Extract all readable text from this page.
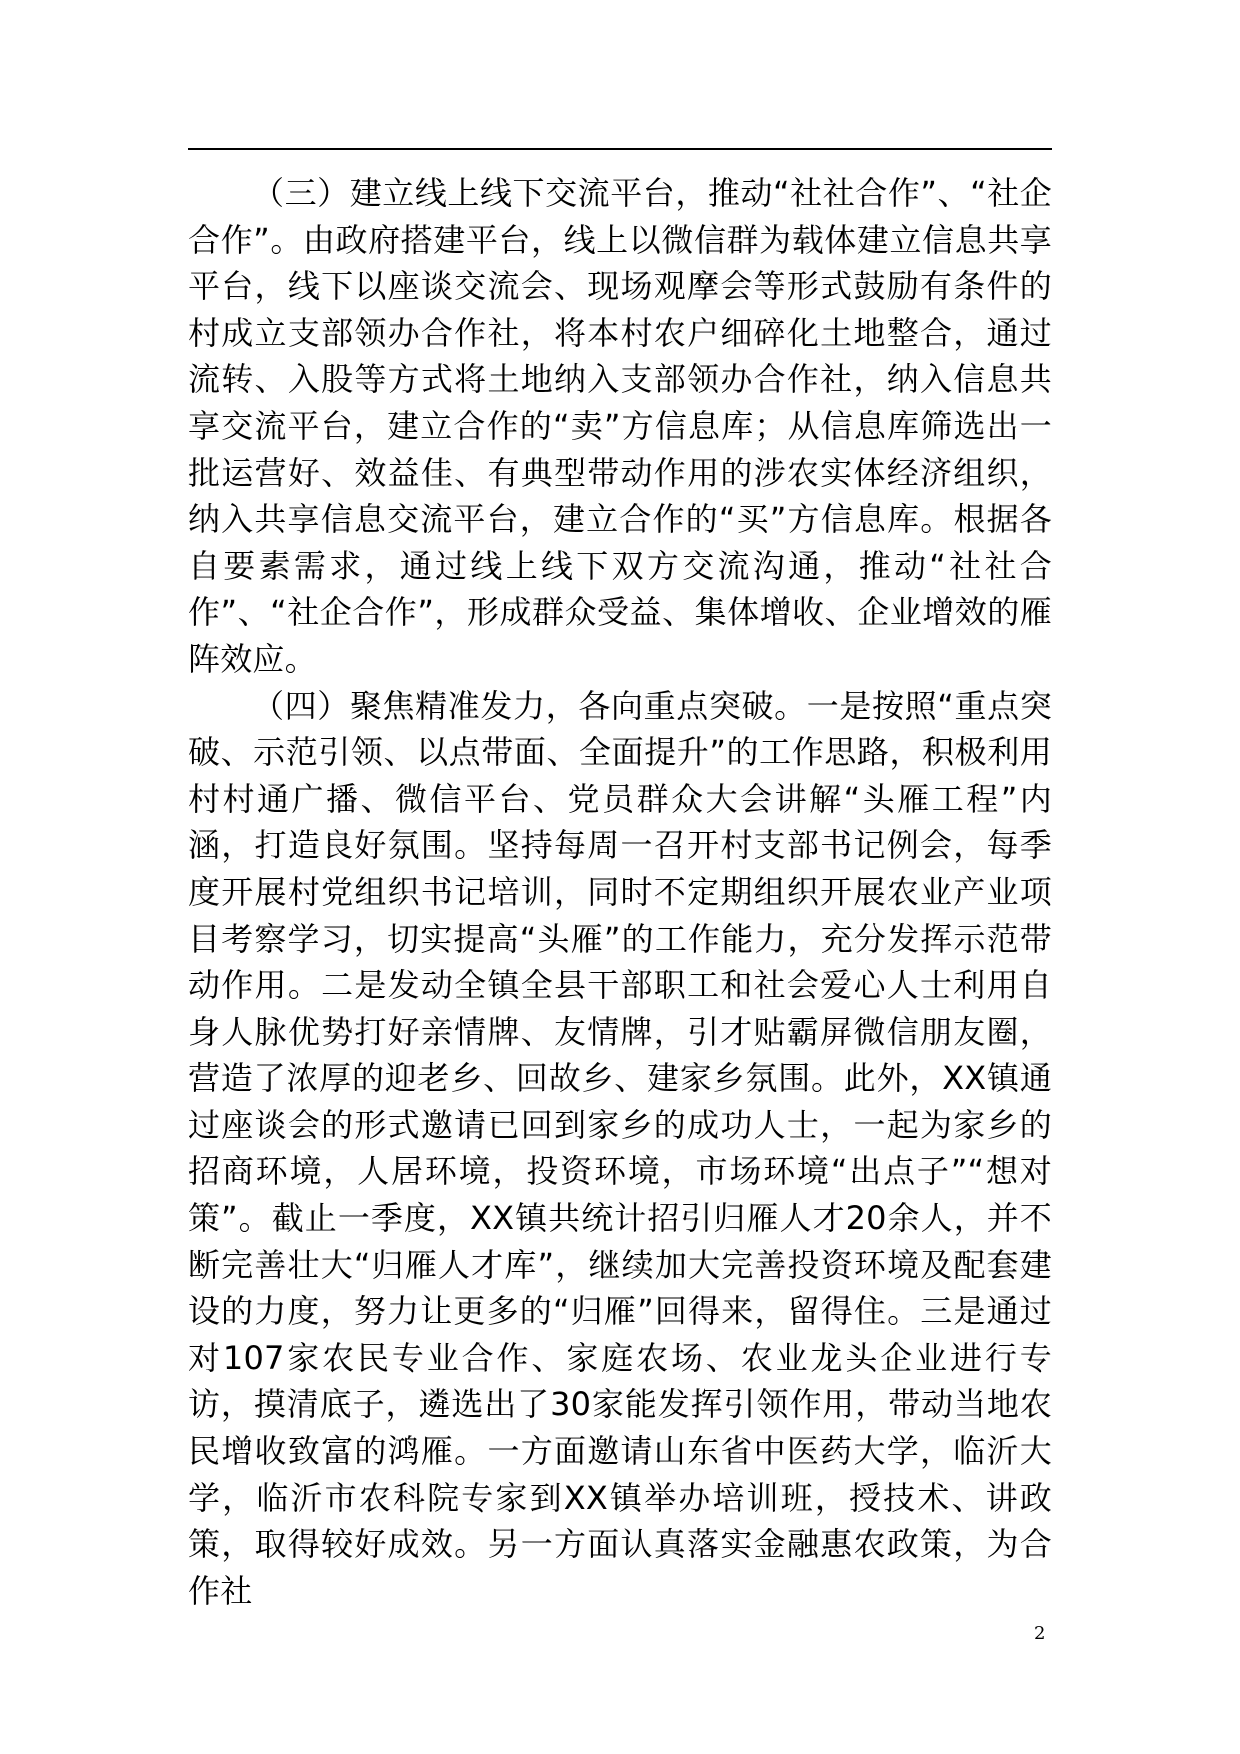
（三）建立线上线下交流平台，推动“社社合作”、“社企合作”。由政府搭建平台，线上以微信群为载体建立信息共享平台，线下以座谈交流会、现场观摩会等形式鼓励有条件的村成立支部领办合作社，将本村农户细碎化土地整合，通过流转、入股等方式将土地纳入支部领办合作社，纳入信息共享交流平台，建立合作的“卖”方信息库；从信息库筛选出一批运营好、效益佳、有典型带动作用的涉农实体经济组织，纳入共享信息交流平台，建立合作的“买”方信息库。根据各自要素需求，通过线上线下双方交流沟通，推动“社社合作”、“社企合作”，形成群众受益、集体增收、企业增效的雁阵效应。

（四）聚焦精准发力，各向重点突破。一是按照“重点突破、示范引领、以点带面、全面提升”的工作思路，积极利用村村通广播、微信平台、党员群众大会讲解“头雁工程”内涵，打造良好氛围。坚持每周一召开村支部书记例会，每季度开展村党组织书记培训，同时不定期组织开展农业产业项目考察学习，切实提高“头雁”的工作能力，充分发挥示范带动作用。二是发动全镇全县干部职工和社会爱心人士利用自身人脉优势打好亲情牌、友情牌，引才贴霸屏微信朋友圈，营造了浓厚的迎老乡、回故乡、建家乡氛围。此外，XX镇通过座谈会的形式邀请已回到家乡的成功人士，一起为家乡的招商环境，人居环境，投资环境，市场环境“出点子”“想对策”。截止一季度，XX镇共统计招引归雁人才20余人，并不断完善壮大“归雁人才库”，继续加大完善投资环境及配套建设的力度，努力让更多的“归雁”回得来，留得住。三是通过对107家农民专业合作、家庭农场、农业龙头企业进行专访，摸清底子，遴选出了30家能发挥引领作用，带动当地农民增收致富的鸿雁。一方面邀请山东省中医药大学，临沂大学，临沂市农科院专家到XX镇举办培训班，授技术、讲政策，取得较好成效。另一方面认真落实金融惠农政策，为合作社

2
